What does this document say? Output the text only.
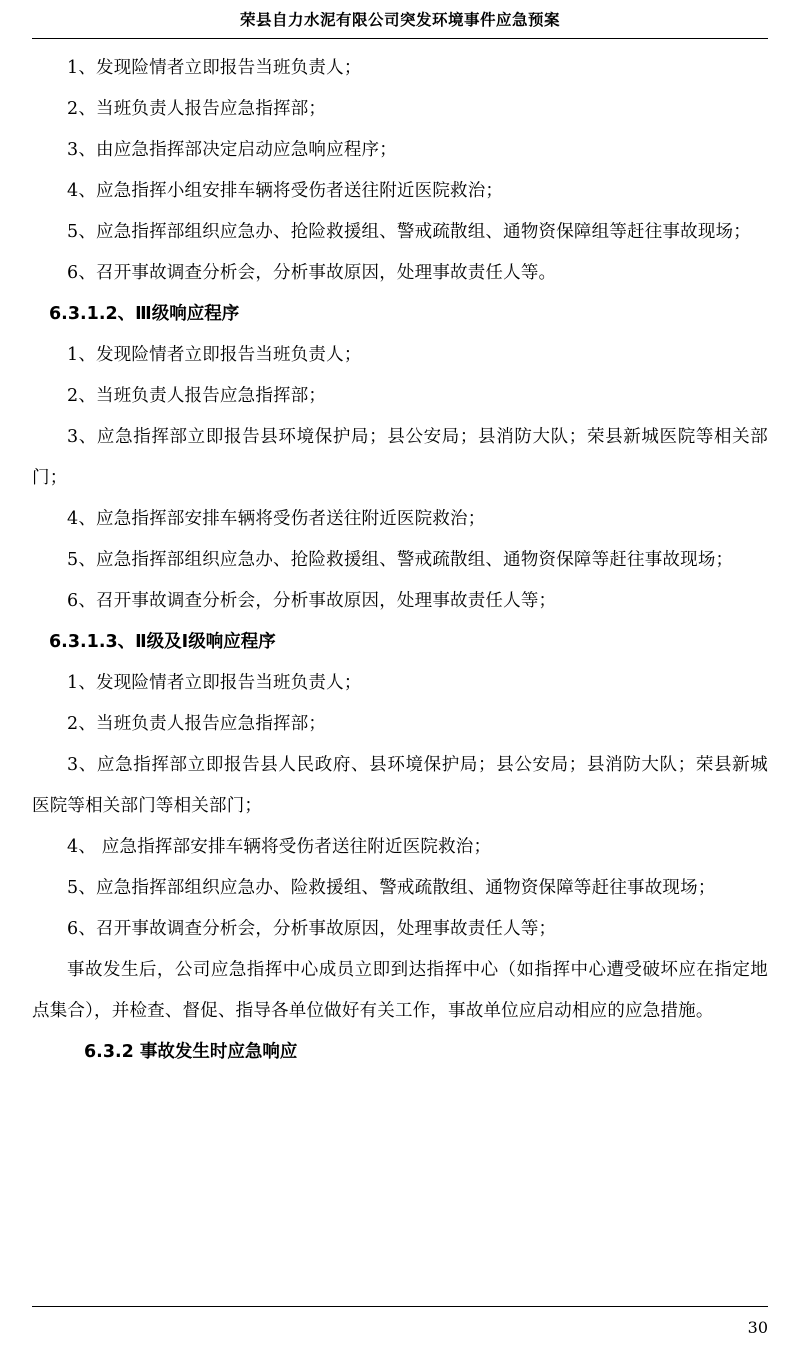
荣县自力水泥有限公司突发环境事件应急预案

1、发现险情者立即报告当班负责人；

2、当班负责人报告应急指挥部；

3、由应急指挥部决定启动应急响应程序；

4、应急指挥小组安排车辆将受伤者送往附近医院救治；

5、应急指挥部组织应急办、抢险救援组、警戒疏散组、通物资保障组等赶往事故现场；

6、召开事故调查分析会，分析事故原因，处理事故责任人等。

6.3.1.2、Ⅲ级响应程序

1、发现险情者立即报告当班负责人；

2、当班负责人报告应急指挥部；

3、应急指挥部立即报告县环境保护局；县公安局；县消防大队；荣县新城医院等相关部门；

4、应急指挥部安排车辆将受伤者送往附近医院救治；

5、应急指挥部组织应急办、抢险救援组、警戒疏散组、通物资保障等赶往事故现场；

6、召开事故调查分析会，分析事故原因，处理事故责任人等；

6.3.1.3、Ⅱ级及Ⅰ级响应程序

1、发现险情者立即报告当班负责人；

2、当班负责人报告应急指挥部；

3、应急指挥部立即报告县人民政府、县环境保护局；县公安局；县消防大队；荣县新城医院等相关部门等相关部门；

4、 应急指挥部安排车辆将受伤者送往附近医院救治；

5、应急指挥部组织应急办、险救援组、警戒疏散组、通物资保障等赶往事故现场；

6、召开事故调查分析会，分析事故原因，处理事故责任人等；

事故发生后，公司应急指挥中心成员立即到达指挥中心（如指挥中心遭受破坏应在指定地点集合），并检查、督促、指导各单位做好有关工作，事故单位应启动相应的应急措施。

6.3.2 事故发生时应急响应

30
